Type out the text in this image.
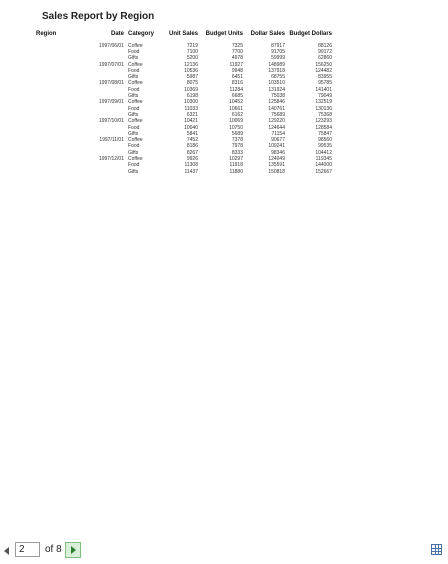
Sales Report by Region
Region	Date	Category	Unit Sales	Budget Units	Dollar Sales	Budget Dollars
	1997/06/01	Coffee	7219	7325	87917	88126
		Food	7100	7700	91705	99172
		Gifts	5200	4978	59999	62860
	1997/07/01	Coffee	12136	11927	148989	156250
		Food	10536	9948	137918	124482
		Gifts	5987	6451	68755	83955
	1997/08/01	Coffee	8075	8316	103510	95785
		Food	10369	11284	131924	141401
		Gifts	6198	6685	75038	79049
	1997/09/01	Coffee	10300	10452	125846	132519
		Food	11033	10661	140761	130136
		Gifts	6321	6162	75689	75368
	1997/10/01	Coffee	10421	10069	129220	123293
		Food	10040	10750	124644	128584
		Gifts	5841	5689	71154	75847
	1997/11/01	Coffee	7452	7378	90677	98560
		Food	8186	7978	109241	99535
		Gifts	8267	8333	98346	104412
	1997/12/01	Coffee	9926	10297	124049	119345
		Food	11308	11918	135591	144000
		Gifts	11437	11880	150818	152667
2
of 8
